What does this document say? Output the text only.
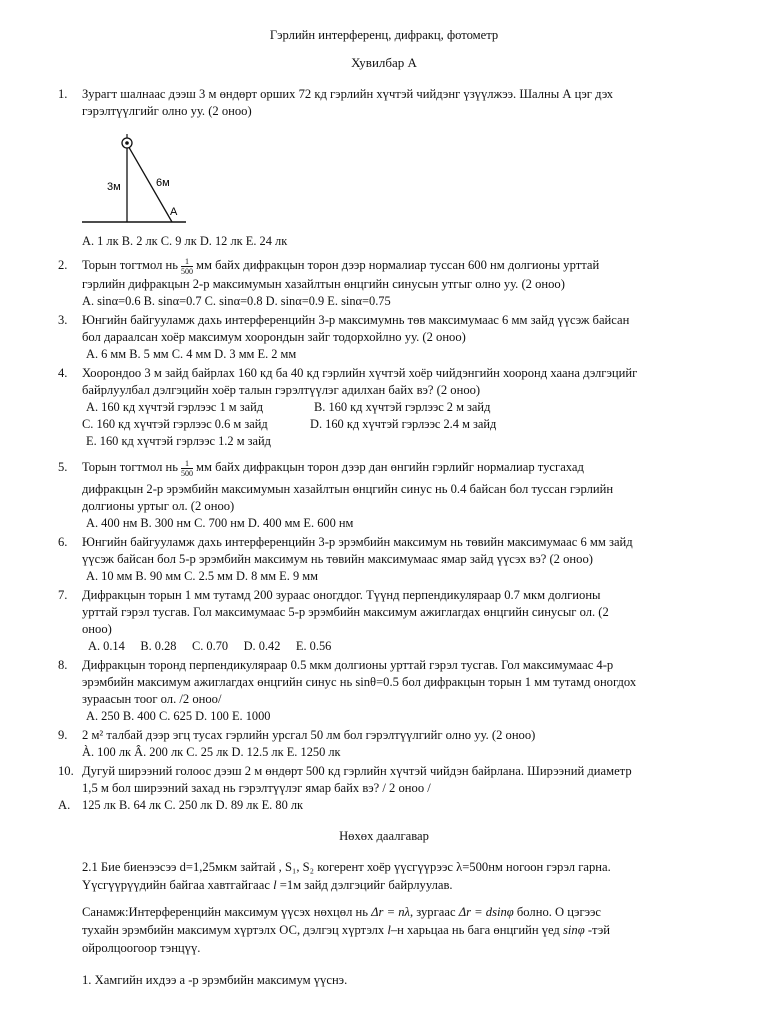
Гэрлийн интерференц, дифракц, фотометр
Хувилбар А
1. Зурагт шалнаас дээш 3 м өндөрт орших 72 кд гэрлийн хүчтэй чийдэнг үзүүлжээ. Шалны А цэг дэх
гэрэлтүүлгийг олно уу. (2 оноо)
3м	6м
A
A. 1 лк B. 2 лк C. 9 лк D. 12 лк E. 24 лк
2. Торын тогтмол нь $\frac{1}{500}$ мм байх дифракцын торон дээр нормалиар туссан 600 нм долгионы урттай
гэрлийн дифракцын 2-р максимумын хазайлтын өнцгийн синусын утгыг олно уу. (2 оноо)
A. sinα=0.6 B. sinα=0.7 C. sinα=0.8 D. sinα=0.9 E. sinα=0.75
3. Юнгийн байгууламж дахь интерференцийн 3-р максимумнь төв максимумаас 6 мм зайд үүсэж байсан
бол дараалсан хоёр максимум хоорондын зайг тодорхойлно уу. (2 оноо)
A. 6 мм B. 5 мм C. 4 мм D. 3 мм E. 2 мм
4. Хоорондоо 3 м зайд байрлах 160 кд ба 40 кд гэрлийн хүчтэй хоёр чийдэнгийн хооронд хаана дэлгэцийг
байрлуулбал дэлгэцийн хоёр талын гэрэлтүүлэг адилхан байх вэ? (2 оноо)
A. 160 кд хүчтэй гэрлээс 1 м зайд	B. 160 кд хүчтэй гэрлээс 2 м зайд
C. 160 кд хүчтэй гэрлээс 0.6 м зайд	D. 160 кд хүчтэй гэрлээс 2.4 м зайд
E. 160 кд хүчтэй гэрлээс 1.2 м зайд
5. Торын тогтмол нь $\frac{1}{500}$ мм байх дифракцын торон дээр дан өнгийн гэрлийг нормалиар тусгахад
дифракцын 2-р эрэмбийн максимумын хазайлтын өнцгийн синус нь 0.4 байсан бол туссан гэрлийн
долгионы уртыг ол. (2 оноо)
A. 400 нм B. 300 нм C. 700 нм D. 400 мм E. 600 нм
6. Юнгийн байгууламж дахь интерференцийн 3-р эрэмбийн максимум нь төвийн максимумаас 6 мм зайд
үүсэж байсан бол 5-р эрэмбийн максимум нь төвийн максимумаас ямар зайд үүсэх вэ? (2 оноо)
A. 10 мм B. 90 мм C. 2.5 мм D. 8 мм E. 9 мм
7. Дифракцын торын 1 мм тутамд 200 зураас оногддог. Түүнд перпендикуляраар 0.7 мкм долгионы
урттай гэрэл тусгав. Гол максимумаас 5-р эрэмбийн максимум ажиглагдах өнцгийн синусыг ол. (2
оноо)
A. 0.14     B. 0.28     C. 0.70     D. 0.42     E. 0.56
8. Дифракцын торонд перпендикуляраар 0.5 мкм долгионы урттай гэрэл тусгав. Гол максимумаас 4-р
эрэмбийн максимум ажиглагдах өнцгийн синус нь sinθ=0.5 бол дифракцын торын 1 мм тутамд оногдох
зураасын тоог ол. /2 оноо/
A. 250 B. 400 C. 625 D. 100 E. 1000
9. 2 м² талбай дээр эгц тусах гэрлийн урсгал 50 лм бол гэрэлтүүлгийг олно уу. (2 оноо)
À. 100 лк Â. 200 лк C. 25 лк D. 12.5 лк E. 1250 лк
10. Дугуй ширээний голоос дээш 2 м өндөрт 500 кд гэрлийн хүчтэй чийдэн байрлана. Ширээний диаметр
1,5 м бол ширээний захад нь гэрэлтүүлэг ямар байх вэ? / 2 оноо /
A. 125 лк B. 64 лк C. 250 лк D. 89 лк E. 80 лк
Нөхөх даалгавар
2.1 Бие биенээсээ d=1,25мкм зайтай , S₁, S₂ когерент хоёр үүсгүүрээс λ=500нм ногоон гэрэл гарна.
Үүсгүүрүүдийн байгаа хавтгайгаас l =1м зайд дэлгэцийг байрлуулав.
Санамж:Интерференцийн максимум үүсэх нөхцөл нь Δr = nλ, зургаас Δr = dsinφ болно. О цэгээс
тухайн эрэмбийн максимум хүртэлх ОС, дэлгэц хүртэлх l–н харьцаа нь бага өнцгийн үед sinφ -тэй
ойролцоогоор тэнцүү.
1. Хамгийн ихдээ а -р эрэмбийн максимум үүснэ.
